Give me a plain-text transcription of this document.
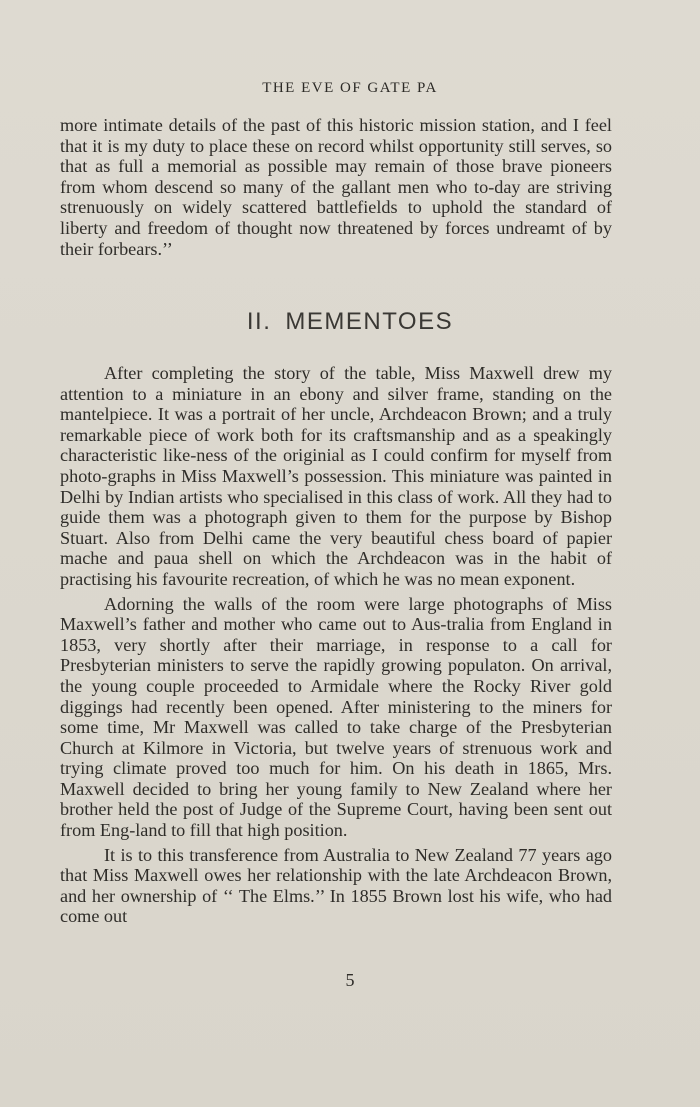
THE EVE OF GATE PA

more intimate details of the past of this historic mission station, and I feel that it is my duty to place these on record whilst opportunity still serves, so that as full a memorial as possible may remain of those brave pioneers from whom descend so many of the gallant men who to-day are striving strenuously on widely scattered battlefields to uphold the standard of liberty and freedom of thought now threatened by forces undreamt of by their forbears.’’

II. MEMENTOES

After completing the story of the table, Miss Maxwell drew my attention to a miniature in an ebony and silver frame, standing on the mantelpiece. It was a portrait of her uncle, Archdeacon Brown; and a truly remarkable piece of work both for its craftsmanship and as a speakingly characteristic like-ness of the originial as I could confirm for myself from photo-graphs in Miss Maxwell’s possession. This miniature was painted in Delhi by Indian artists who specialised in this class of work. All they had to guide them was a photograph given to them for the purpose by Bishop Stuart. Also from Delhi came the very beautiful chess board of papier mache and paua shell on which the Archdeacon was in the habit of practising his favourite recreation, of which he was no mean exponent.

Adorning the walls of the room were large photographs of Miss Maxwell’s father and mother who came out to Aus-tralia from England in 1853, very shortly after their marriage, in response to a call for Presbyterian ministers to serve the rapidly growing populaton. On arrival, the young couple proceeded to Armidale where the Rocky River gold diggings had recently been opened. After ministering to the miners for some time, Mr Maxwell was called to take charge of the Presbyterian Church at Kilmore in Victoria, but twelve years of strenuous work and trying climate proved too much for him. On his death in 1865, Mrs. Maxwell decided to bring her young family to New Zealand where her brother held the post of Judge of the Supreme Court, having been sent out from Eng-land to fill that high position.

It is to this transference from Australia to New Zealand 77 years ago that Miss Maxwell owes her relationship with the late Archdeacon Brown, and her ownership of ‘‘ The Elms.’’ In 1855 Brown lost his wife, who had come out

5
